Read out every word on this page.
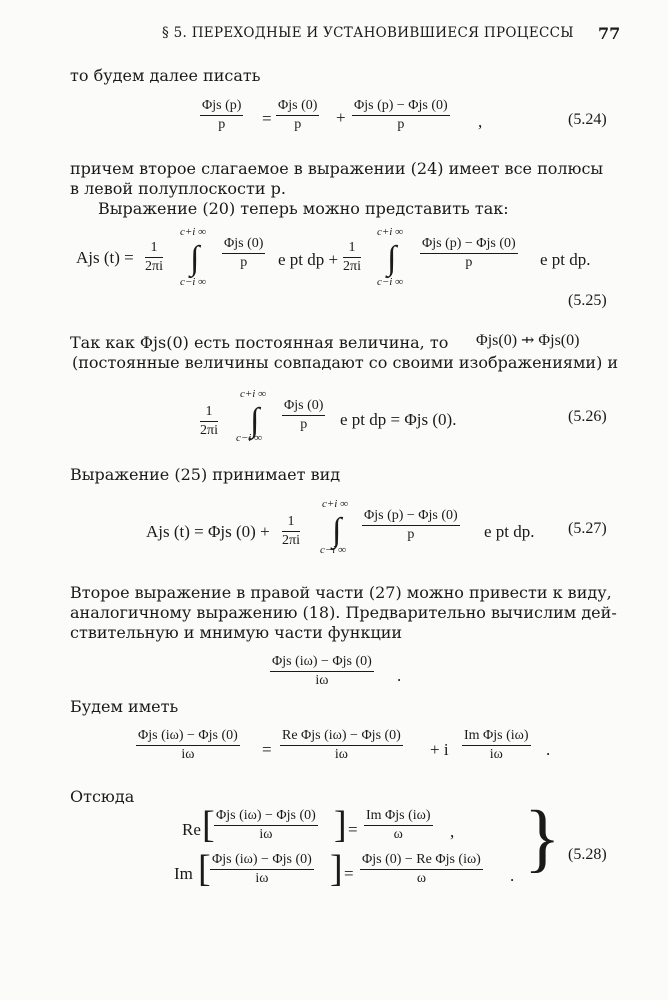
§ 5. ПЕРЕХОДНЫЕ И УСТАНОВИВШИЕСЯ ПРОЦЕССЫ 77
то будем далее писать
Φjs (p)
p	=
Φjs (0)
p	+
Φjs (p) − Φjs (0)
p	,	(5.24)
причем второе слагаемое в выражении (24) имеет все полюсы
в левой полуплоскости p.
Выражение (20) теперь можно представить так:
Ajs $(t) = \frac{1}{2\pi i}$
c+i ∞
∫
c−i ∞
Φjs (0)
p	e pt dp + $\frac{1}{2\pi i}$
c+i ∞
∫
c−i ∞
Φjs (p) − Φjs (0)
p	e pt dp.
(5.25)
Так как Φjs(0) есть постоянная величина, то Φjs(0) ⇸ Φjs(0)
(постоянные величины совпадают со своими изображениями) и
$\frac{1}{2\pi i}$
c+i ∞
∫
c−i ∞
Φjs (0)
p	e pt dp = Φjs (0).	(5.26)
Выражение (25) принимает вид
Ajs (t) = Φjs $(0) + \frac{1}{2\pi i}$
c+i ∞
∫
c−i ∞
Φjs (p) − Φjs (0)
p	e pt dp. (5.27)
Второе выражение в правой части (27) можно привести к виду,
аналогичному выражению (18). Предварительно вычислим дей-
ствительную и мнимую части функции
Φjs (iω) − Φjs (0)
iω	.
Будем иметь
Φjs (iω) − Φjs (0)
iω	=
Re Φjs (iω) − Φjs (0)
iω	+ i
Im Φjs (iω)
iω	.
Отсюда
Re [ Φjs (iω) − Φjs (0)
iω	] =
Im Φjs (iω)
ω	,
Im [ Φjs (iω) − Φjs (0)
iω	] =
Φjs (0) − Re Φjs (iω)
ω	. } (5.28)
